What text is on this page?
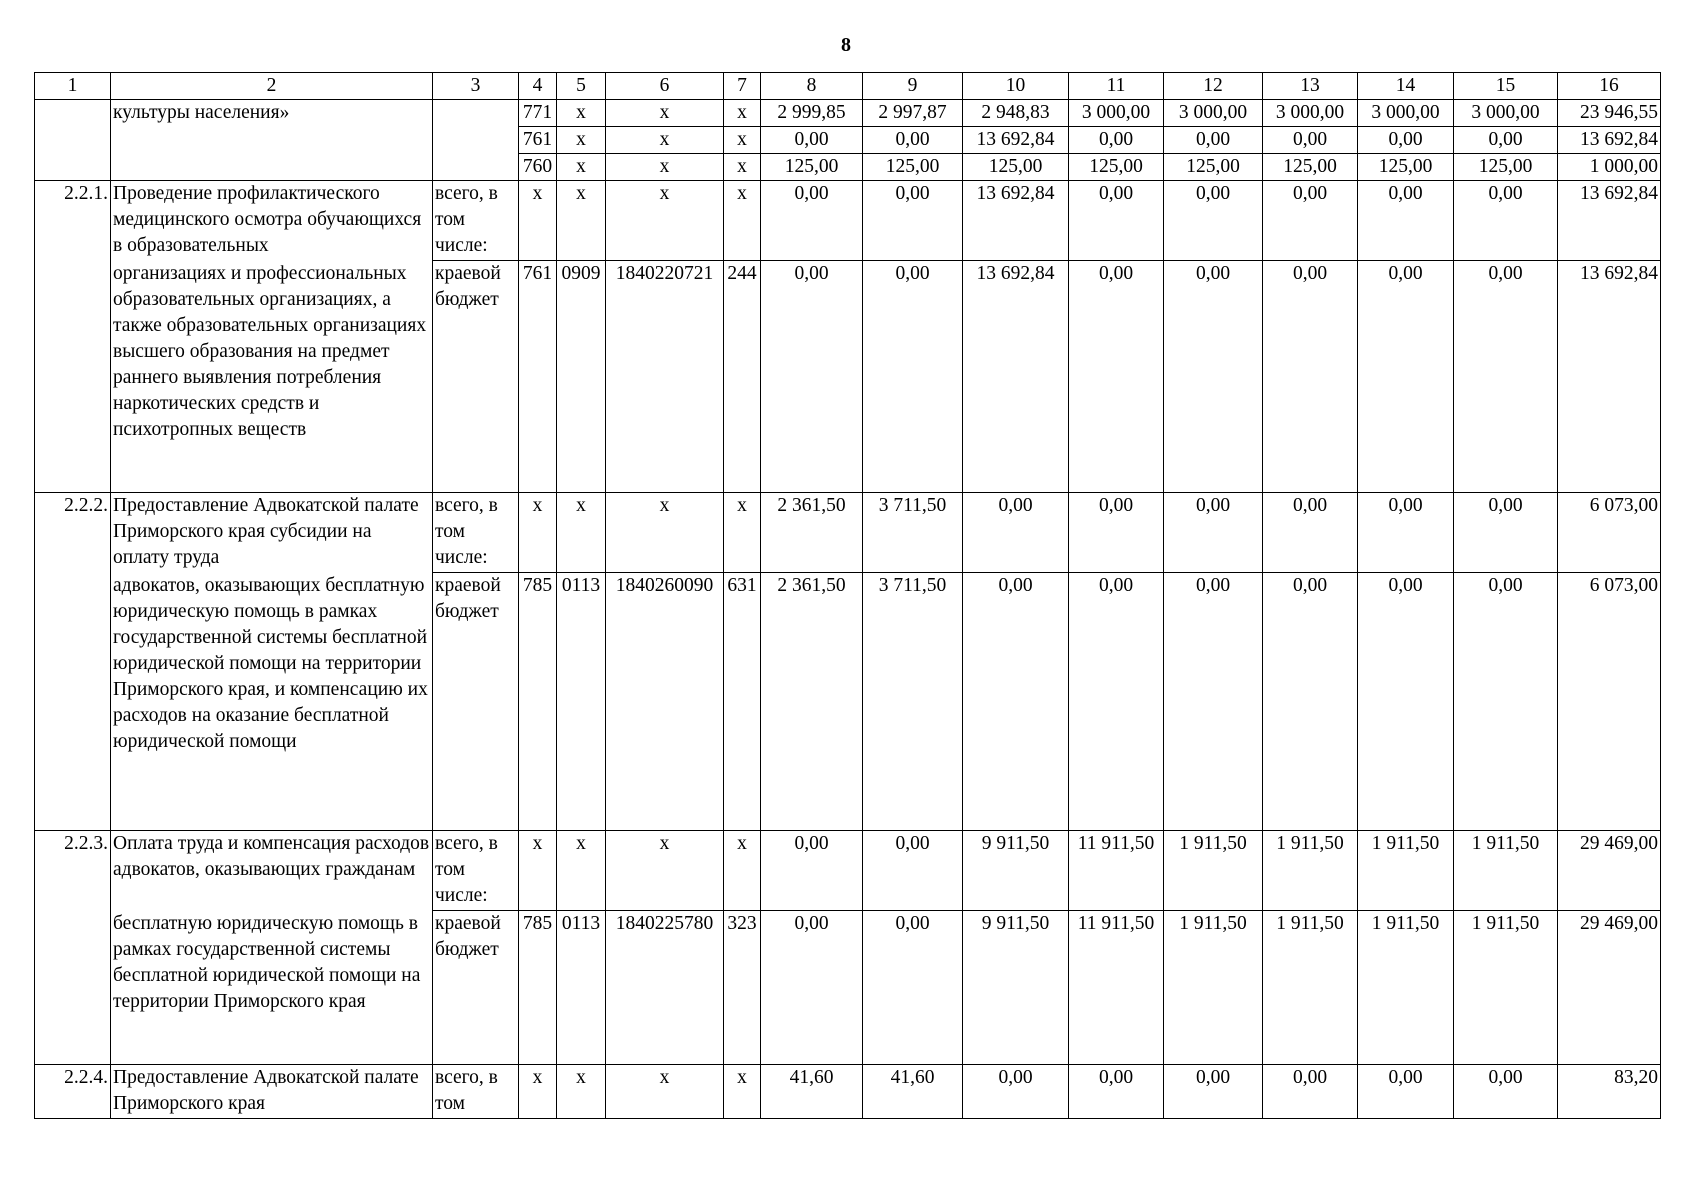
8
1	2	3	4	5	6	7	8	9	10	11	12	13	14	15	16
	культуры населения»		771	х	х	х	2 999,85	2 997,87	2 948,83	3 000,00	3 000,00	3 000,00	3 000,00	3 000,00	23 946,55
			761	х	х	х	0,00	0,00	13 692,84	0,00	0,00	0,00	0,00	0,00	13 692,84
			760	х	х	х	125,00	125,00	125,00	125,00	125,00	125,00	125,00	125,00	1 000,00
2.2.1.	Проведение профилактического медицинского осмотра обучающихся в образовательных	всего, в том числе:	х	х	х	х	0,00	0,00	13 692,84	0,00	0,00	0,00	0,00	0,00	13 692,84
	организациях и профессиональных образовательных организациях, а также образовательных организациях высшего образования на предмет раннего выявления потребления наркотических средств и психотропных веществ	краевой бюджет	761	0909	1840220721	244	0,00	0,00	13 692,84	0,00	0,00	0,00	0,00	0,00	13 692,84
2.2.2.	Предоставление Адвокатской палате Приморского края субсидии на оплату труда	всего, в том числе:	х	х	х	х	2 361,50	3 711,50	0,00	0,00	0,00	0,00	0,00	0,00	6 073,00
	адвокатов, оказывающих бесплатную юридическую помощь в рамках государственной системы бесплатной юридической помощи на территории Приморского края, и компенсацию их расходов на оказание бесплатной юридической помощи	краевой бюджет	785	0113	1840260090	631	2 361,50	3 711,50	0,00	0,00	0,00	0,00	0,00	0,00	6 073,00
2.2.3.	Оплата труда и компенсация расходов адвокатов, оказывающих гражданам	всего, в том числе:	х	х	х	х	0,00	0,00	9 911,50	11 911,50	1 911,50	1 911,50	1 911,50	1 911,50	29 469,00
	бесплатную юридическую помощь в рамках государственной системы бесплатной юридической помощи на территории Приморского края	краевой бюджет	785	0113	1840225780	323	0,00	0,00	9 911,50	11 911,50	1 911,50	1 911,50	1 911,50	1 911,50	29 469,00
2.2.4.	Предоставление Адвокатской палате Приморского края	всего, в том	х	х	х	х	41,60	41,60	0,00	0,00	0,00	0,00	0,00	0,00	83,20
